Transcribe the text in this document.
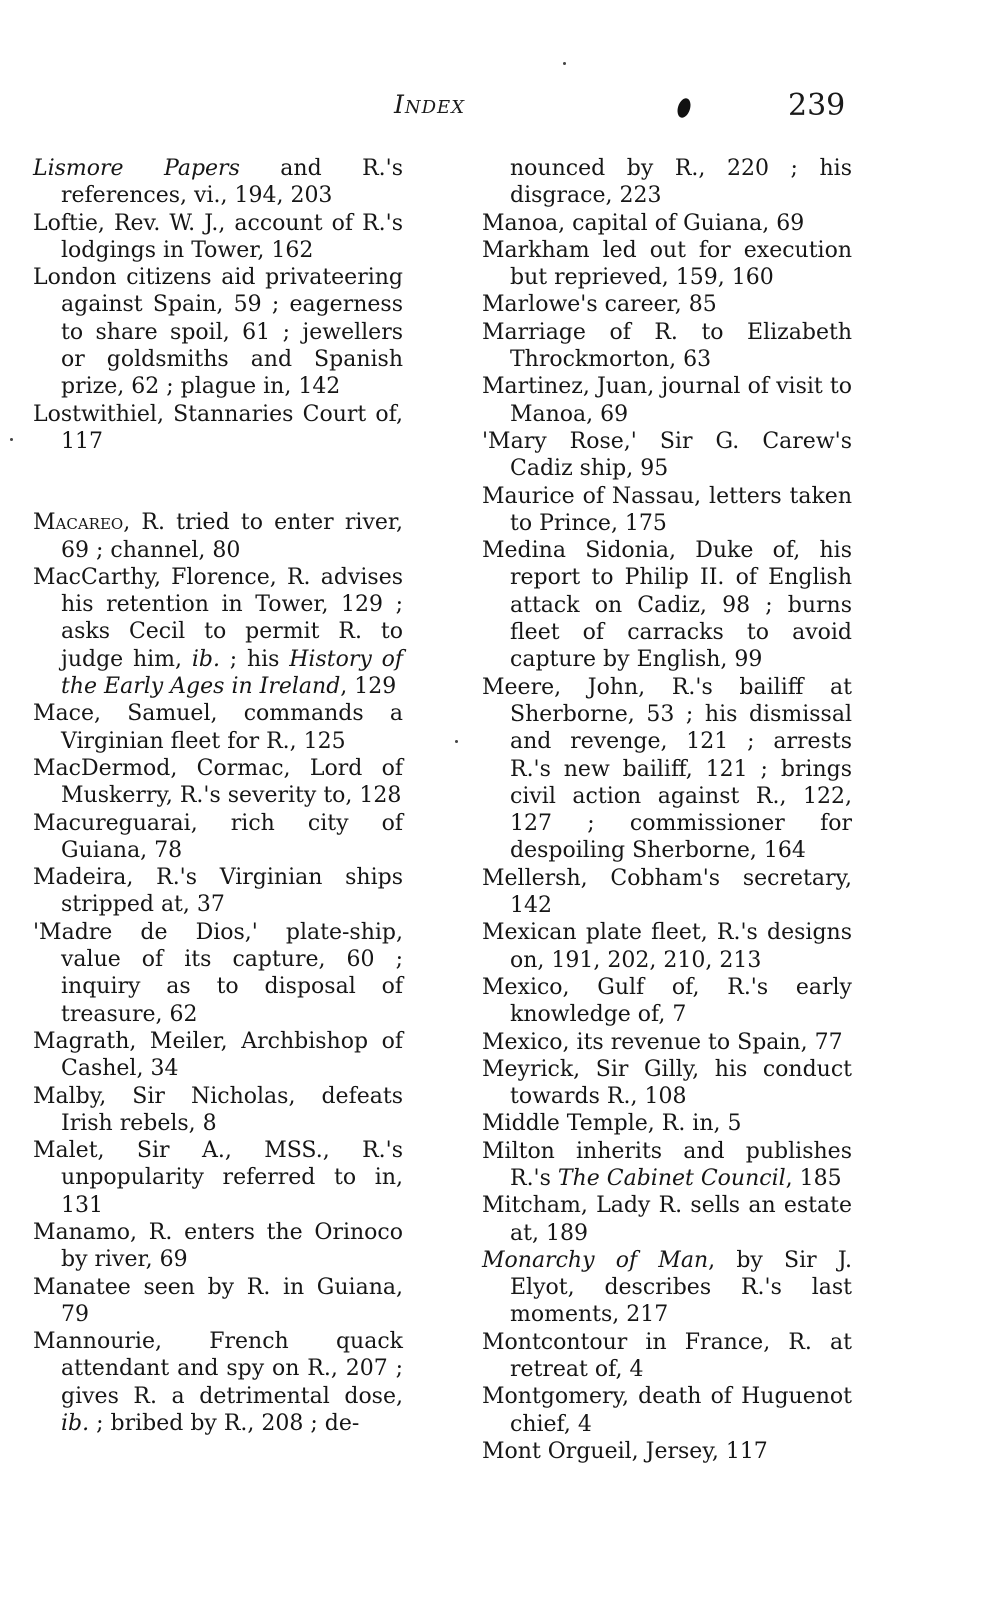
Index	239
Lismore Papers and R.'s references, vi., 194, 203
Loftie, Rev. W. J., account of R.'s lodgings in Tower, 162
London citizens aid privateering against Spain, 59 ; eagerness to share spoil, 61 ; jewellers or goldsmiths and Spanish prize, 62 ; plague in, 142
Lostwithiel, Stannaries Court of, 117
Macareo, R. tried to enter river, 69 ; channel, 80
MacCarthy, Florence, R. advises his retention in Tower, 129 ; asks Cecil to permit R. to judge him, ib. ; his History of the Early Ages in Ireland, 129
Mace, Samuel, commands a Virginian fleet for R., 125
MacDermod, Cormac, Lord of Muskerry, R.'s severity to, 128
Macureguarai, rich city of Guiana, 78
Madeira, R.'s Virginian ships stripped at, 37
'Madre de Dios,' plate-ship, value of its capture, 60 ; inquiry as to disposal of treasure, 62
Magrath, Meiler, Archbishop of Cashel, 34
Malby, Sir Nicholas, defeats Irish rebels, 8
Malet, Sir A., MSS., R.'s unpopularity referred to in, 131
Manamo, R. enters the Orinoco by river, 69
Manatee seen by R. in Guiana, 79
Mannourie, French quack attendant and spy on R., 207 ; gives R. a detrimental dose, ib. ; bribed by R., 208 ; de-
nounced by R., 220 ; his disgrace, 223
Manoa, capital of Guiana, 69
Markham led out for execution but reprieved, 159, 160
Marlowe's career, 85
Marriage of R. to Elizabeth Throckmorton, 63
Martinez, Juan, journal of visit to Manoa, 69
'Mary Rose,' Sir G. Carew's Cadiz ship, 95
Maurice of Nassau, letters taken to Prince, 175
Medina Sidonia, Duke of, his report to Philip II. of English attack on Cadiz, 98 ; burns fleet of carracks to avoid capture by English, 99
Meere, John, R.'s bailiff at Sherborne, 53 ; his dismissal and revenge, 121 ; arrests R.'s new bailiff, 121 ; brings civil action against R., 122, 127 ; commissioner for despoiling Sherborne, 164
Mellersh, Cobham's secretary, 142
Mexican plate fleet, R.'s designs on, 191, 202, 210, 213
Mexico, Gulf of, R.'s early knowledge of, 7
Mexico, its revenue to Spain, 77
Meyrick, Sir Gilly, his conduct towards R., 108
Middle Temple, R. in, 5
Milton inherits and publishes R.'s The Cabinet Council, 185
Mitcham, Lady R. sells an estate at, 189
Monarchy of Man, by Sir J. Elyot, describes R.'s last moments, 217
Montcontour in France, R. at retreat of, 4
Montgomery, death of Huguenot chief, 4
Mont Orgueil, Jersey, 117
